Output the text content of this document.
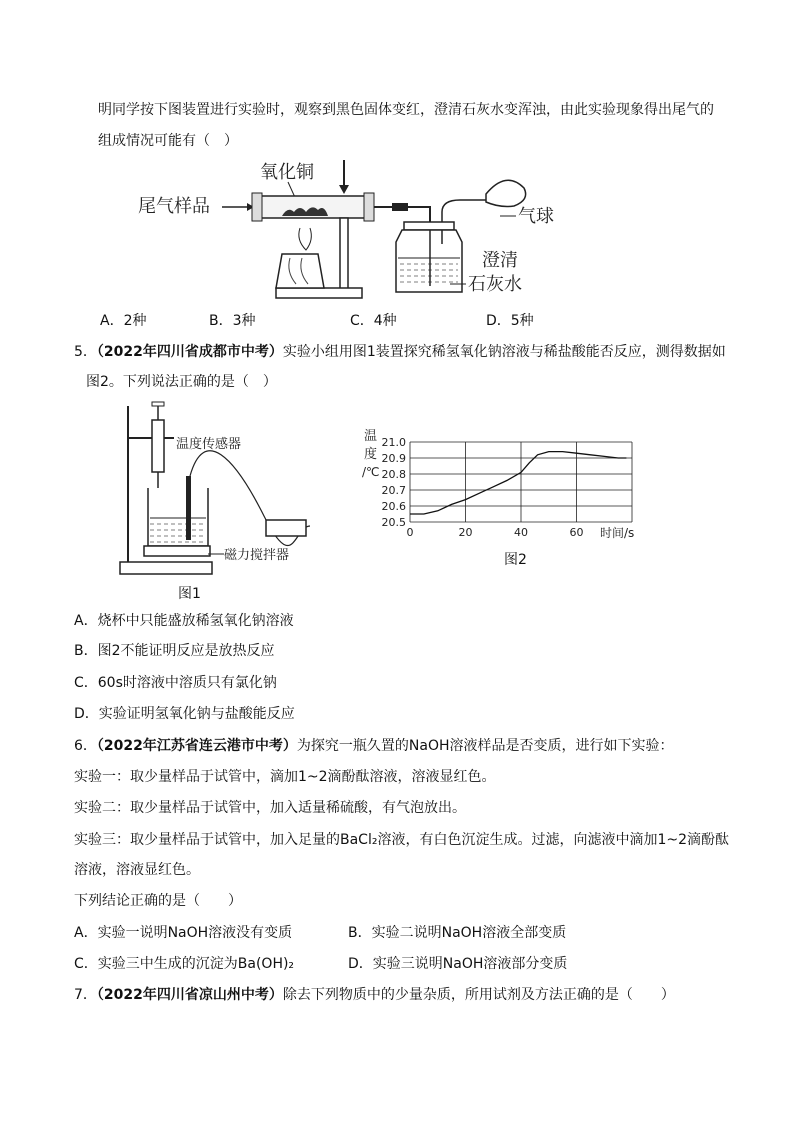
明同学按下图装置进行实验时，观察到黑色固体变红，澄清石灰水变浑浊，由此实验现象得出尾气的
组成情况可能有（　）
尾气样品
氧化铜
气球
澄清
石灰水
A．2种	B．3种	C．4种	D．5种
5．（2022年四川省成都市中考）实验小组用图1装置探究稀氢氧化钠溶液与稀盐酸能否反应，测得数据如
图2。下列说法正确的是（　）
温度传感器
磁力搅拌器
图1
温
度
/℃
20.5
20.6
20.7
20.8
20.9
21.0
0	20	40	60 时间/s
图2
A．烧杯中只能盛放稀氢氧化钠溶液
B．图2不能证明反应是放热反应
C．60s时溶液中溶质只有氯化钠
D．实验证明氢氧化钠与盐酸能反应
6．（2022年江苏省连云港市中考）为探究一瓶久置的NaOH溶液样品是否变质，进行如下实验：
实验一：取少量样品于试管中，滴加1~2滴酚酞溶液，溶液显红色。
实验二：取少量样品于试管中，加入适量稀硫酸，有气泡放出。
实验三：取少量样品于试管中，加入足量的BaCl₂溶液，有白色沉淀生成。过滤，向滤液中滴加1~2滴酚酞
溶液，溶液显红色。
下列结论正确的是（　　）
A．实验一说明NaOH溶液没有变质	B．实验二说明NaOH溶液全部变质
C．实验三中生成的沉淀为Ba(OH)₂	D．实验三说明NaOH溶液部分变质
7．（2022年四川省凉山州中考）除去下列物质中的少量杂质，所用试剂及方法正确的是（　　）
